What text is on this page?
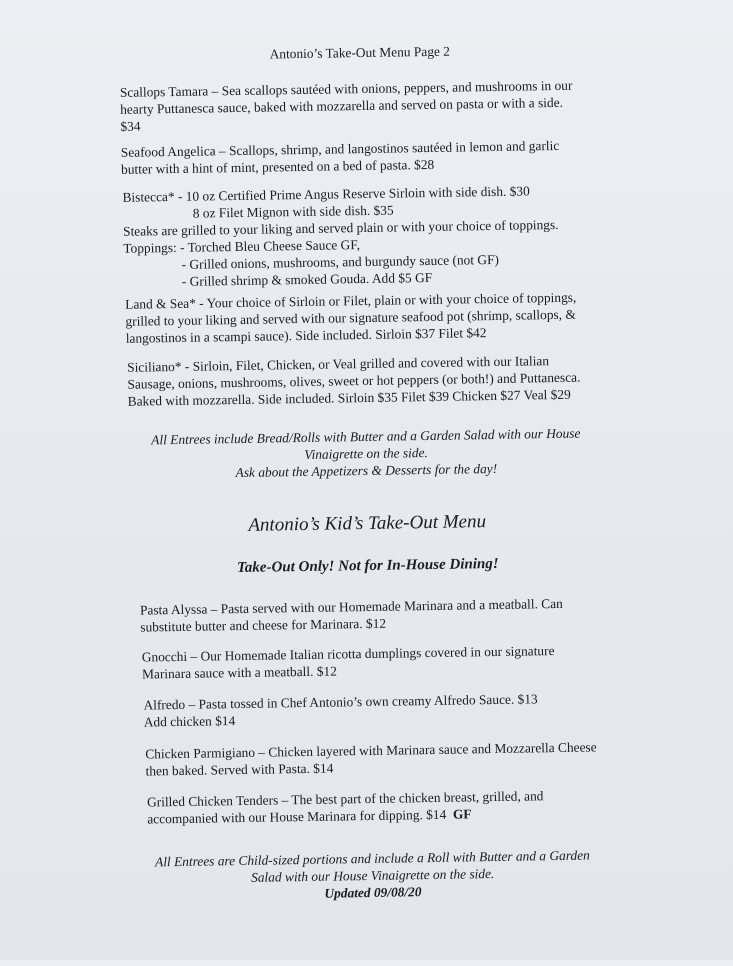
Antonio’s Take-Out Menu Page 2
Scallops Tamara – Sea scallops sautéed with onions, peppers, and mushrooms in our
hearty Puttanesca sauce, baked with mozzarella and served on pasta or with a side.
$34
Seafood Angelica – Scallops, shrimp, and langostinos sautéed in lemon and garlic
butter with a hint of mint, presented on a bed of pasta. $28
Bistecca* - 10 oz Certified Prime Angus Reserve Sirloin with side dish. $30
8 oz Filet Mignon with side dish. $35
Steaks are grilled to your liking and served plain or with your choice of toppings.
Toppings: - Torched Bleu Cheese Sauce GF,
- Grilled onions, mushrooms, and burgundy sauce (not GF)
- Grilled shrimp & smoked Gouda. Add $5 GF
Land & Sea* - Your choice of Sirloin or Filet, plain or with your choice of toppings,
grilled to your liking and served with our signature seafood pot (shrimp, scallops, &
langostinos in a scampi sauce). Side included. Sirloin $37 Filet $42
Siciliano* - Sirloin, Filet, Chicken, or Veal grilled and covered with our Italian
Sausage, onions, mushrooms, olives, sweet or hot peppers (or both!) and Puttanesca.
Baked with mozzarella. Side included. Sirloin $35 Filet $39 Chicken $27 Veal $29
All Entrees include Bread/Rolls with Butter and a Garden Salad with our House
Vinaigrette on the side.
Ask about the Appetizers & Desserts for the day!
Antonio’s Kid’s Take-Out Menu
Take-Out Only! Not for In-House Dining!
Pasta Alyssa – Pasta served with our Homemade Marinara and a meatball. Can
substitute butter and cheese for Marinara. $12
Gnocchi – Our Homemade Italian ricotta dumplings covered in our signature
Marinara sauce with a meatball. $12
Alfredo – Pasta tossed in Chef Antonio’s own creamy Alfredo Sauce. $13
Add chicken $14
Chicken Parmigiano – Chicken layered with Marinara sauce and Mozzarella Cheese
then baked. Served with Pasta. $14
Grilled Chicken Tenders – The best part of the chicken breast, grilled, and
accompanied with our House Marinara for dipping. $14 GF
All Entrees are Child-sized portions and include a Roll with Butter and a Garden
Salad with our House Vinaigrette on the side.
Updated 09/08/20
